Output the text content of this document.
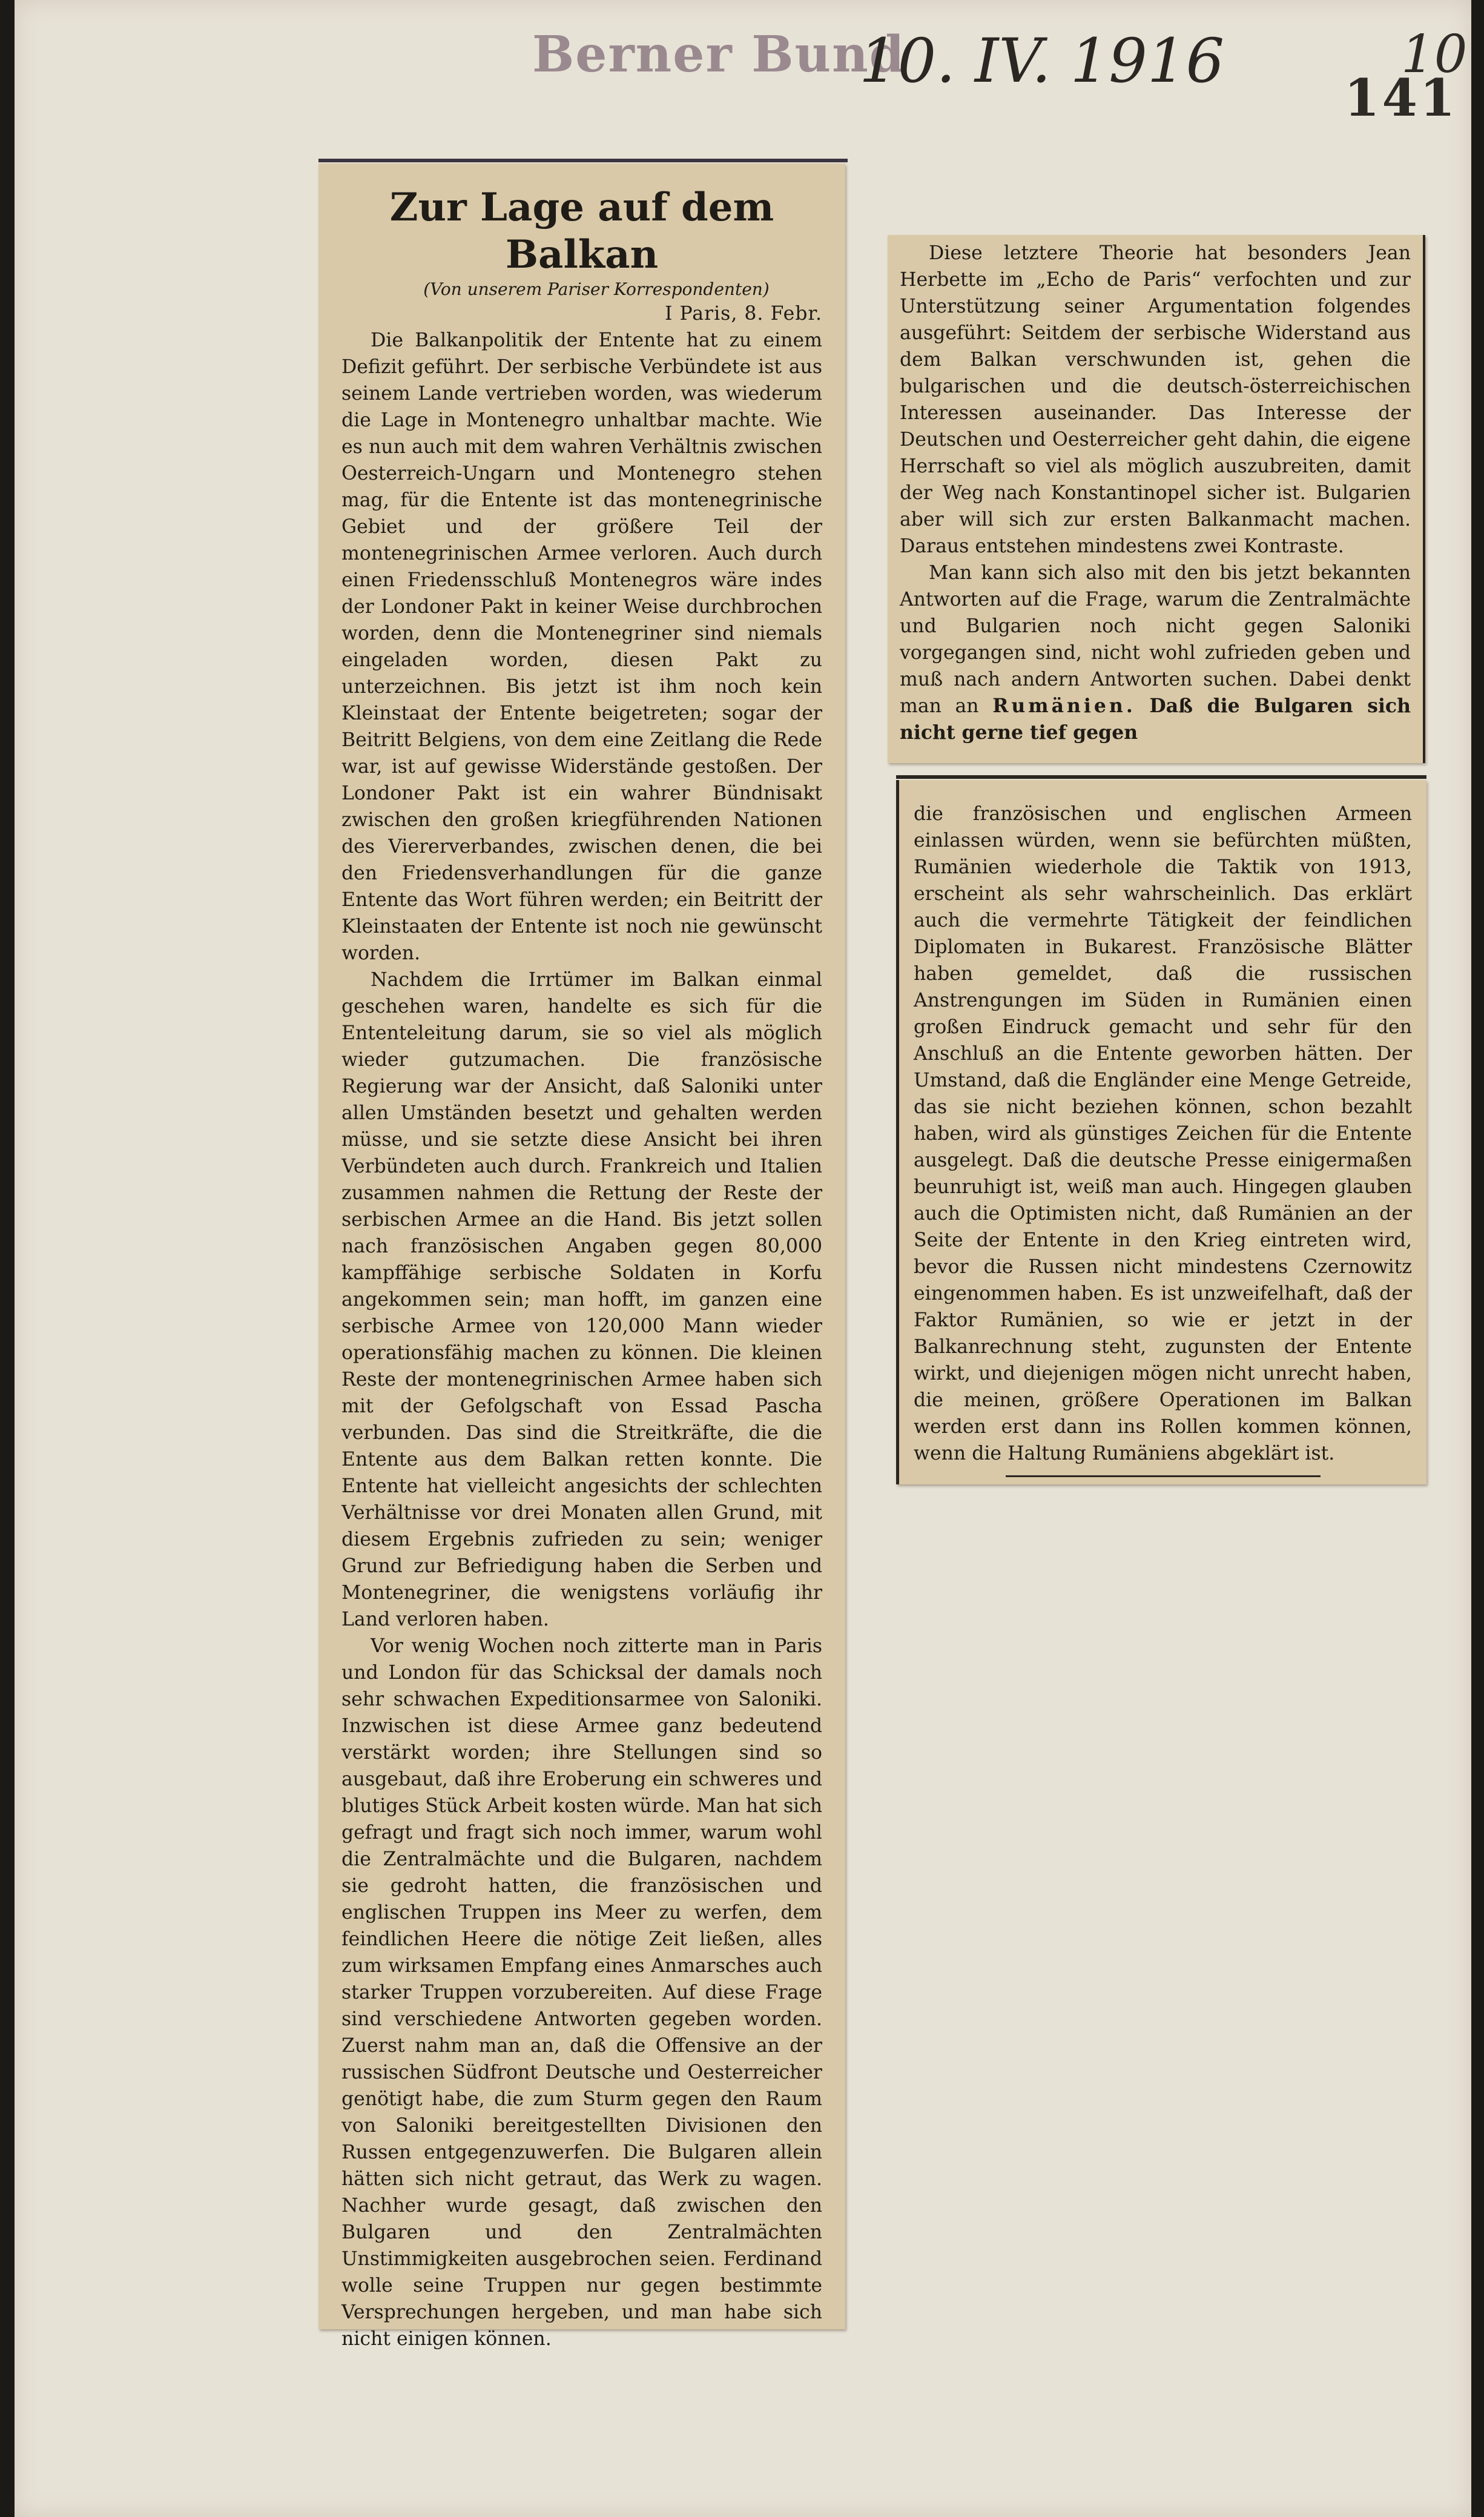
Berner Bund
10. IV. 1916	10
141

Zur Lage auf dem Balkan

(Von unserem Pariser Korrespondenten)

I Paris, 8. Febr.

Die Balkanpolitik der Entente hat zu einem Defizit geführt. Der serbische Verbündete ist aus seinem Lande vertrieben worden, was wiederum die Lage in Montenegro unhaltbar machte. Wie es nun auch mit dem wahren Verhältnis zwischen Oesterreich-Ungarn und Montenegro stehen mag, für die Entente ist das montenegrinische Gebiet und der größere Teil der montenegrinischen Armee verloren. Auch durch einen Friedensschluß Montenegros wäre indes der Londoner Pakt in keiner Weise durchbrochen worden, denn die Montenegriner sind niemals eingeladen worden, diesen Pakt zu unterzeichnen. Bis jetzt ist ihm noch kein Kleinstaat der Entente beigetreten; sogar der Beitritt Belgiens, von dem eine Zeitlang die Rede war, ist auf gewisse Widerstände gestoßen. Der Londoner Pakt ist ein wahrer Bündnisakt zwischen den großen kriegführenden Nationen des Viererverbandes, zwischen denen, die bei den Friedensverhandlungen für die ganze Entente das Wort führen werden; ein Beitritt der Kleinstaaten der Entente ist noch nie gewünscht worden.

Nachdem die Irrtümer im Balkan einmal geschehen waren, handelte es sich für die Ententeleitung darum, sie so viel als möglich wieder gutzumachen. Die französische Regierung war der Ansicht, daß Saloniki unter allen Umständen besetzt und gehalten werden müsse, und sie setzte diese Ansicht bei ihren Verbündeten auch durch. Frankreich und Italien zusammen nahmen die Rettung der Reste der serbischen Armee an die Hand. Bis jetzt sollen nach französischen Angaben gegen 80,000 kampffähige serbische Soldaten in Korfu angekommen sein; man hofft, im ganzen eine serbische Armee von 120,000 Mann wieder operationsfähig machen zu können. Die kleinen Reste der montenegrinischen Armee haben sich mit der Gefolgschaft von Essad Pascha verbunden. Das sind die Streitkräfte, die die Entente aus dem Balkan retten konnte. Die Entente hat vielleicht angesichts der schlechten Verhältnisse vor drei Monaten allen Grund, mit diesem Ergebnis zufrieden zu sein; weniger Grund zur Befriedigung haben die Serben und Montenegriner, die wenigstens vorläufig ihr Land verloren haben.

Vor wenig Wochen noch zitterte man in Paris und London für das Schicksal der damals noch sehr schwachen Expeditionsarmee von Saloniki. Inzwischen ist diese Armee ganz bedeutend verstärkt worden; ihre Stellungen sind so ausgebaut, daß ihre Eroberung ein schweres und blutiges Stück Arbeit kosten würde. Man hat sich gefragt und fragt sich noch immer, warum wohl die Zentralmächte und die Bulgaren, nachdem sie gedroht hatten, die französischen und englischen Truppen ins Meer zu werfen, dem feindlichen Heere die nötige Zeit ließen, alles zum wirksamen Empfang eines Anmarsches auch starker Truppen vorzubereiten. Auf diese Frage sind verschiedene Antworten gegeben worden. Zuerst nahm man an, daß die Offensive an der russischen Südfront Deutsche und Oesterreicher genötigt habe, die zum Sturm gegen den Raum von Saloniki bereitgestellten Divisionen den Russen entgegenzuwerfen. Die Bulgaren allein hätten sich nicht getraut, das Werk zu wagen. Nachher wurde gesagt, daß zwischen den Bulgaren und den Zentralmächten Unstimmigkeiten ausgebrochen seien. Ferdinand wolle seine Truppen nur gegen bestimmte Versprechungen hergeben, und man habe sich nicht einigen können.

Diese letztere Theorie hat besonders Jean Herbette im „Echo de Paris“ verfochten und zur Unterstützung seiner Argumentation folgendes ausgeführt: Seitdem der serbische Widerstand aus dem Balkan verschwunden ist, gehen die bulgarischen und die deutsch-österreichischen Interessen auseinander. Das Interesse der Deutschen und Oesterreicher geht dahin, die eigene Herrschaft so viel als möglich auszubreiten, damit der Weg nach Konstantinopel sicher ist. Bulgarien aber will sich zur ersten Balkanmacht machen. Daraus entstehen mindestens zwei Kontraste.

Man kann sich also mit den bis jetzt bekannten Antworten auf die Frage, warum die Zentralmächte und Bulgarien noch nicht gegen Saloniki vorgegangen sind, nicht wohl zufrieden geben und muß nach andern Antworten suchen. Dabei denkt man an Rumänien. Daß die Bulgaren sich nicht gerne tief gegen

die französischen und englischen Armeen einlassen würden, wenn sie befürchten müßten, Rumänien wiederhole die Taktik von 1913, erscheint als sehr wahrscheinlich. Das erklärt auch die vermehrte Tätigkeit der feindlichen Diplomaten in Bukarest. Französische Blätter haben gemeldet, daß die russischen Anstrengungen im Süden in Rumänien einen großen Eindruck gemacht und sehr für den Anschluß an die Entente geworben hätten. Der Umstand, daß die Engländer eine Menge Getreide, das sie nicht beziehen können, schon bezahlt haben, wird als günstiges Zeichen für die Entente ausgelegt. Daß die deutsche Presse einigermaßen beunruhigt ist, weiß man auch. Hingegen glauben auch die Optimisten nicht, daß Rumänien an der Seite der Entente in den Krieg eintreten wird, bevor die Russen nicht mindestens Czernowitz eingenommen haben. Es ist unzweifelhaft, daß der Faktor Rumänien, so wie er jetzt in der Balkanrechnung steht, zugunsten der Entente wirkt, und diejenigen mögen nicht unrecht haben, die meinen, größere Operationen im Balkan werden erst dann ins Rollen kommen können, wenn die Haltung Rumäniens abgeklärt ist.
